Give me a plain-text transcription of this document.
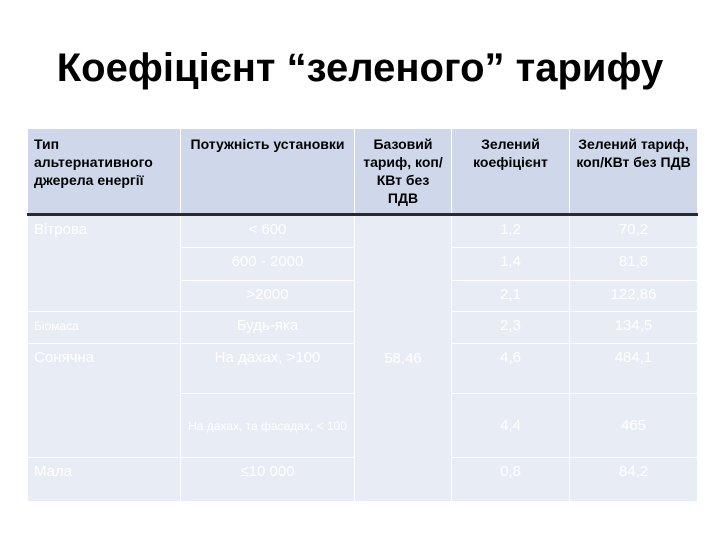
Коефіцієнт “зеленого” тарифу
Тип альтернативного джерела енергії	Потужність установки	Базовий тариф, коп/КВт без ПДВ	Зелений коефіцієнт	Зелений тариф, коп/КВт без ПДВ
Вітрова	< 600	58,46	1,2	70,2
	600 - 2000		1,4	81,8
	>2000		2,1	122,86
Біомаса	Будь-яка		2,3	134,5
Сонячна	На дахах, >100		4,6	484,1
	На дахах, та фасадах, < 100		4,4	465
Мала	≤10 000		0,8	84,2
